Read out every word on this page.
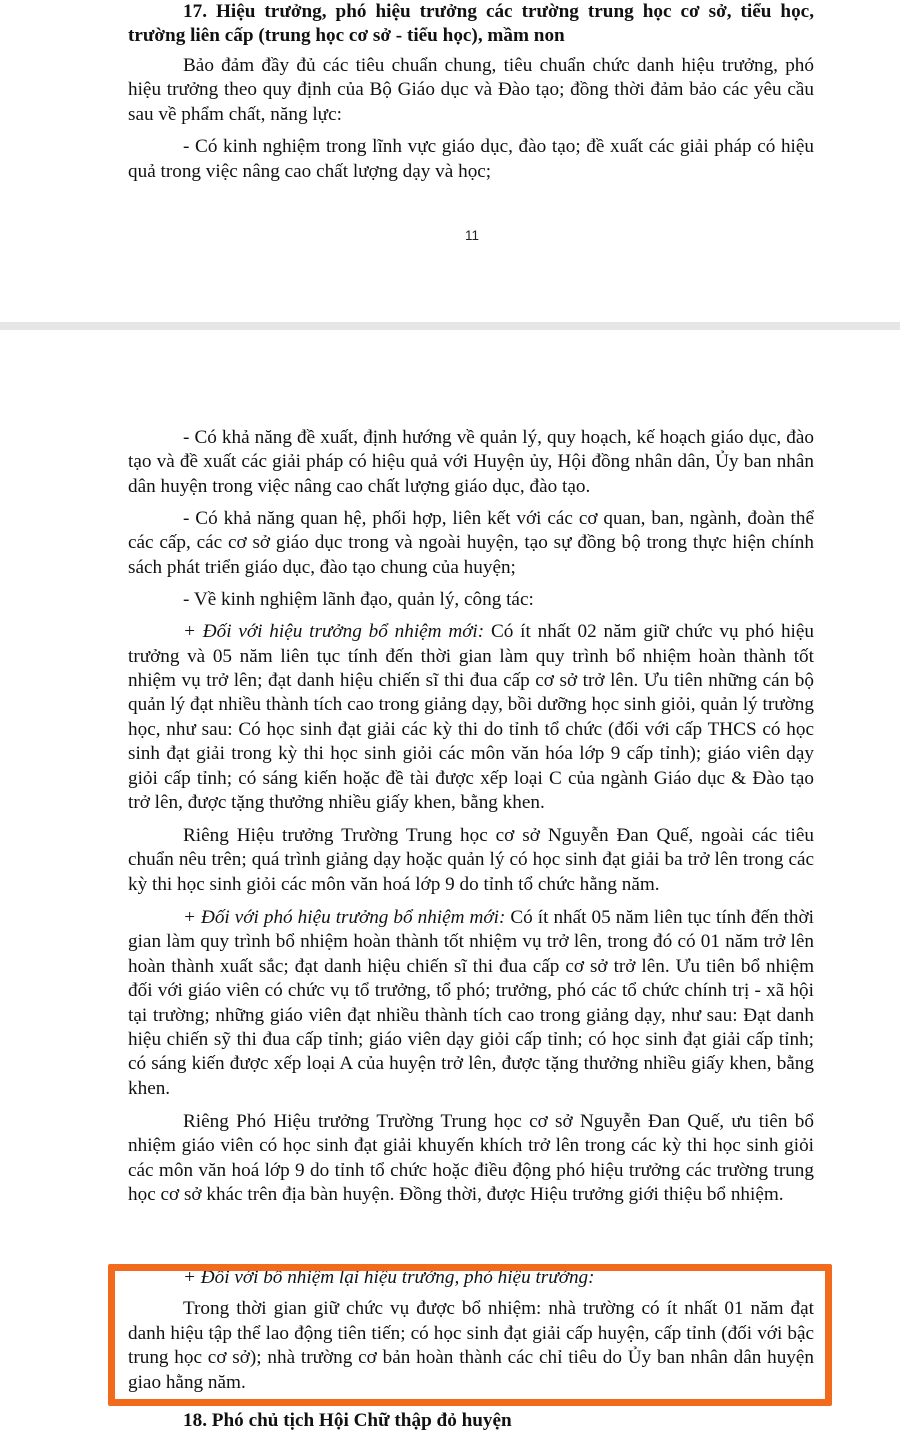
17. Hiệu trưởng, phó hiệu trưởng các trường trung học cơ sở, tiểu học, trường liên cấp (trung học cơ sở - tiểu học), mầm non

Bảo đảm đầy đủ các tiêu chuẩn chung, tiêu chuẩn chức danh hiệu trưởng, phó hiệu trưởng theo quy định của Bộ Giáo dục và Đào tạo; đồng thời đảm bảo các yêu cầu sau về phẩm chất, năng lực:

- Có kinh nghiệm trong lĩnh vực giáo dục, đào tạo; đề xuất các giải pháp có hiệu quả trong việc nâng cao chất lượng dạy và học;

11

- Có khả năng đề xuất, định hướng về quản lý, quy hoạch, kế hoạch giáo dục, đào tạo và đề xuất các giải pháp có hiệu quả với Huyện ủy, Hội đồng nhân dân, Ủy ban nhân dân huyện trong việc nâng cao chất lượng giáo dục, đào tạo.

- Có khả năng quan hệ, phối hợp, liên kết với các cơ quan, ban, ngành, đoàn thể các cấp, các cơ sở giáo dục trong và ngoài huyện, tạo sự đồng bộ trong thực hiện chính sách phát triển giáo dục, đào tạo chung của huyện;

- Về kinh nghiệm lãnh đạo, quản lý, công tác:

+ Đối với hiệu trưởng bổ nhiệm mới: Có ít nhất 02 năm giữ chức vụ phó hiệu trưởng và 05 năm liên tục tính đến thời gian làm quy trình bổ nhiệm hoàn thành tốt nhiệm vụ trở lên; đạt danh hiệu chiến sĩ thi đua cấp cơ sở trở lên. Ưu tiên những cán bộ quản lý đạt nhiều thành tích cao trong giảng dạy, bồi dưỡng học sinh giỏi, quản lý trường học, như sau: Có học sinh đạt giải các kỳ thi do tỉnh tổ chức (đối với cấp THCS có học sinh đạt giải trong kỳ thi học sinh giỏi các môn văn hóa lớp 9 cấp tỉnh); giáo viên dạy giỏi cấp tỉnh; có sáng kiến hoặc đề tài được xếp loại C của ngành Giáo dục & Đào tạo trở lên, được tặng thưởng nhiều giấy khen, bằng khen.

Riêng Hiệu trưởng Trường Trung học cơ sở Nguyễn Đan Quế, ngoài các tiêu chuẩn nêu trên; quá trình giảng dạy hoặc quản lý có học sinh đạt giải ba trở lên trong các kỳ thi học sinh giỏi các môn văn hoá lớp 9 do tỉnh tổ chức hằng năm.

+ Đối với phó hiệu trưởng bổ nhiệm mới: Có ít nhất 05 năm liên tục tính đến thời gian làm quy trình bổ nhiệm hoàn thành tốt nhiệm vụ trở lên, trong đó có 01 năm trở lên hoàn thành xuất sắc; đạt danh hiệu chiến sĩ thi đua cấp cơ sở trở lên. Ưu tiên bổ nhiệm đối với giáo viên có chức vụ tổ trưởng, tổ phó; trưởng, phó các tổ chức chính trị - xã hội tại trường; những giáo viên đạt nhiều thành tích cao trong giảng dạy, như sau: Đạt danh hiệu chiến sỹ thi đua cấp tỉnh; giáo viên dạy giỏi cấp tỉnh; có học sinh đạt giải cấp tỉnh; có sáng kiến được xếp loại A của huyện trở lên, được tặng thưởng nhiều giấy khen, bằng khen.

Riêng Phó Hiệu trưởng Trường Trung học cơ sở Nguyễn Đan Quế, ưu tiên bổ nhiệm giáo viên có học sinh đạt giải khuyến khích trở lên trong các kỳ thi học sinh giỏi các môn văn hoá lớp 9 do tỉnh tổ chức hoặc điều động phó hiệu trưởng các trường trung học cơ sở khác trên địa bàn huyện. Đồng thời, được Hiệu trưởng giới thiệu bổ nhiệm.

+ Đối với bổ nhiệm lại hiệu trưởng, phó hiệu trưởng:

Trong thời gian giữ chức vụ được bổ nhiệm: nhà trường có ít nhất 01 năm đạt danh hiệu tập thể lao động tiên tiến; có học sinh đạt giải cấp huyện, cấp tỉnh (đối với bậc trung học cơ sở); nhà trường cơ bản hoàn thành các chỉ tiêu do Ủy ban nhân dân huyện giao hằng năm.

18. Phó chủ tịch Hội Chữ thập đỏ huyện
